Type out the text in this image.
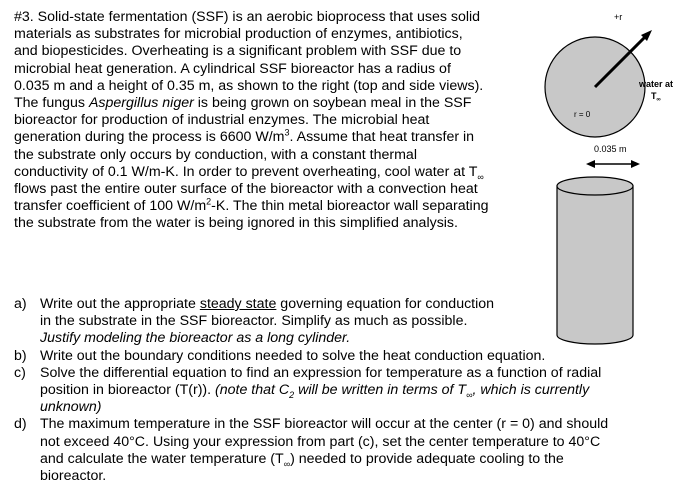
#3. Solid-state fermentation (SSF) is an aerobic bioprocess that uses solid
materials as substrates for microbial production of enzymes, antibiotics,
and biopesticides. Overheating is a significant problem with SSF due to
microbial heat generation. A cylindrical SSF bioreactor has a radius of
0.035 m and a height of 0.35 m, as shown to the right (top and side views).
The fungus Aspergillus niger is being grown on soybean meal in the SSF
bioreactor for production of industrial enzymes. The microbial heat
generation during the process is 6600 $W/m^3$. Assume that heat transfer in
the substrate only occurs by conduction, with a constant thermal
conductivity of 0.1 W/m-K. In order to prevent overheating, cool water at $T_\infty$
flows past the entire outer surface of the bioreactor with a convection heat
transfer coefficient of 100 $W/m^2-K$. The thin metal bioreactor wall separating
the substrate from the water is being ignored in this simplified analysis.
+r
r = 0
water at
$T_\infty$
0.035 m
a) Write out the appropriate steady state governing equation for conduction
in the substrate in the SSF bioreactor. Simplify as much as possible.
Justify modeling the bioreactor as a long cylinder.
b) Write out the boundary conditions needed to solve the heat conduction equation.
c) Solve the differential equation to find an expression for temperature as a function of radial
position in bioreactor (T(r)). (note that $C_2$ will be written in terms of $T_\infty$, which is currently
unknown)
d) The maximum temperature in the SSF bioreactor will occur at the center (r = 0) and should
not exceed 40°C. Using your expression from part (c), set the center temperature to 40°C
and calculate the water temperature $(T_\infty)$ needed to provide adequate cooling to the
bioreactor.
